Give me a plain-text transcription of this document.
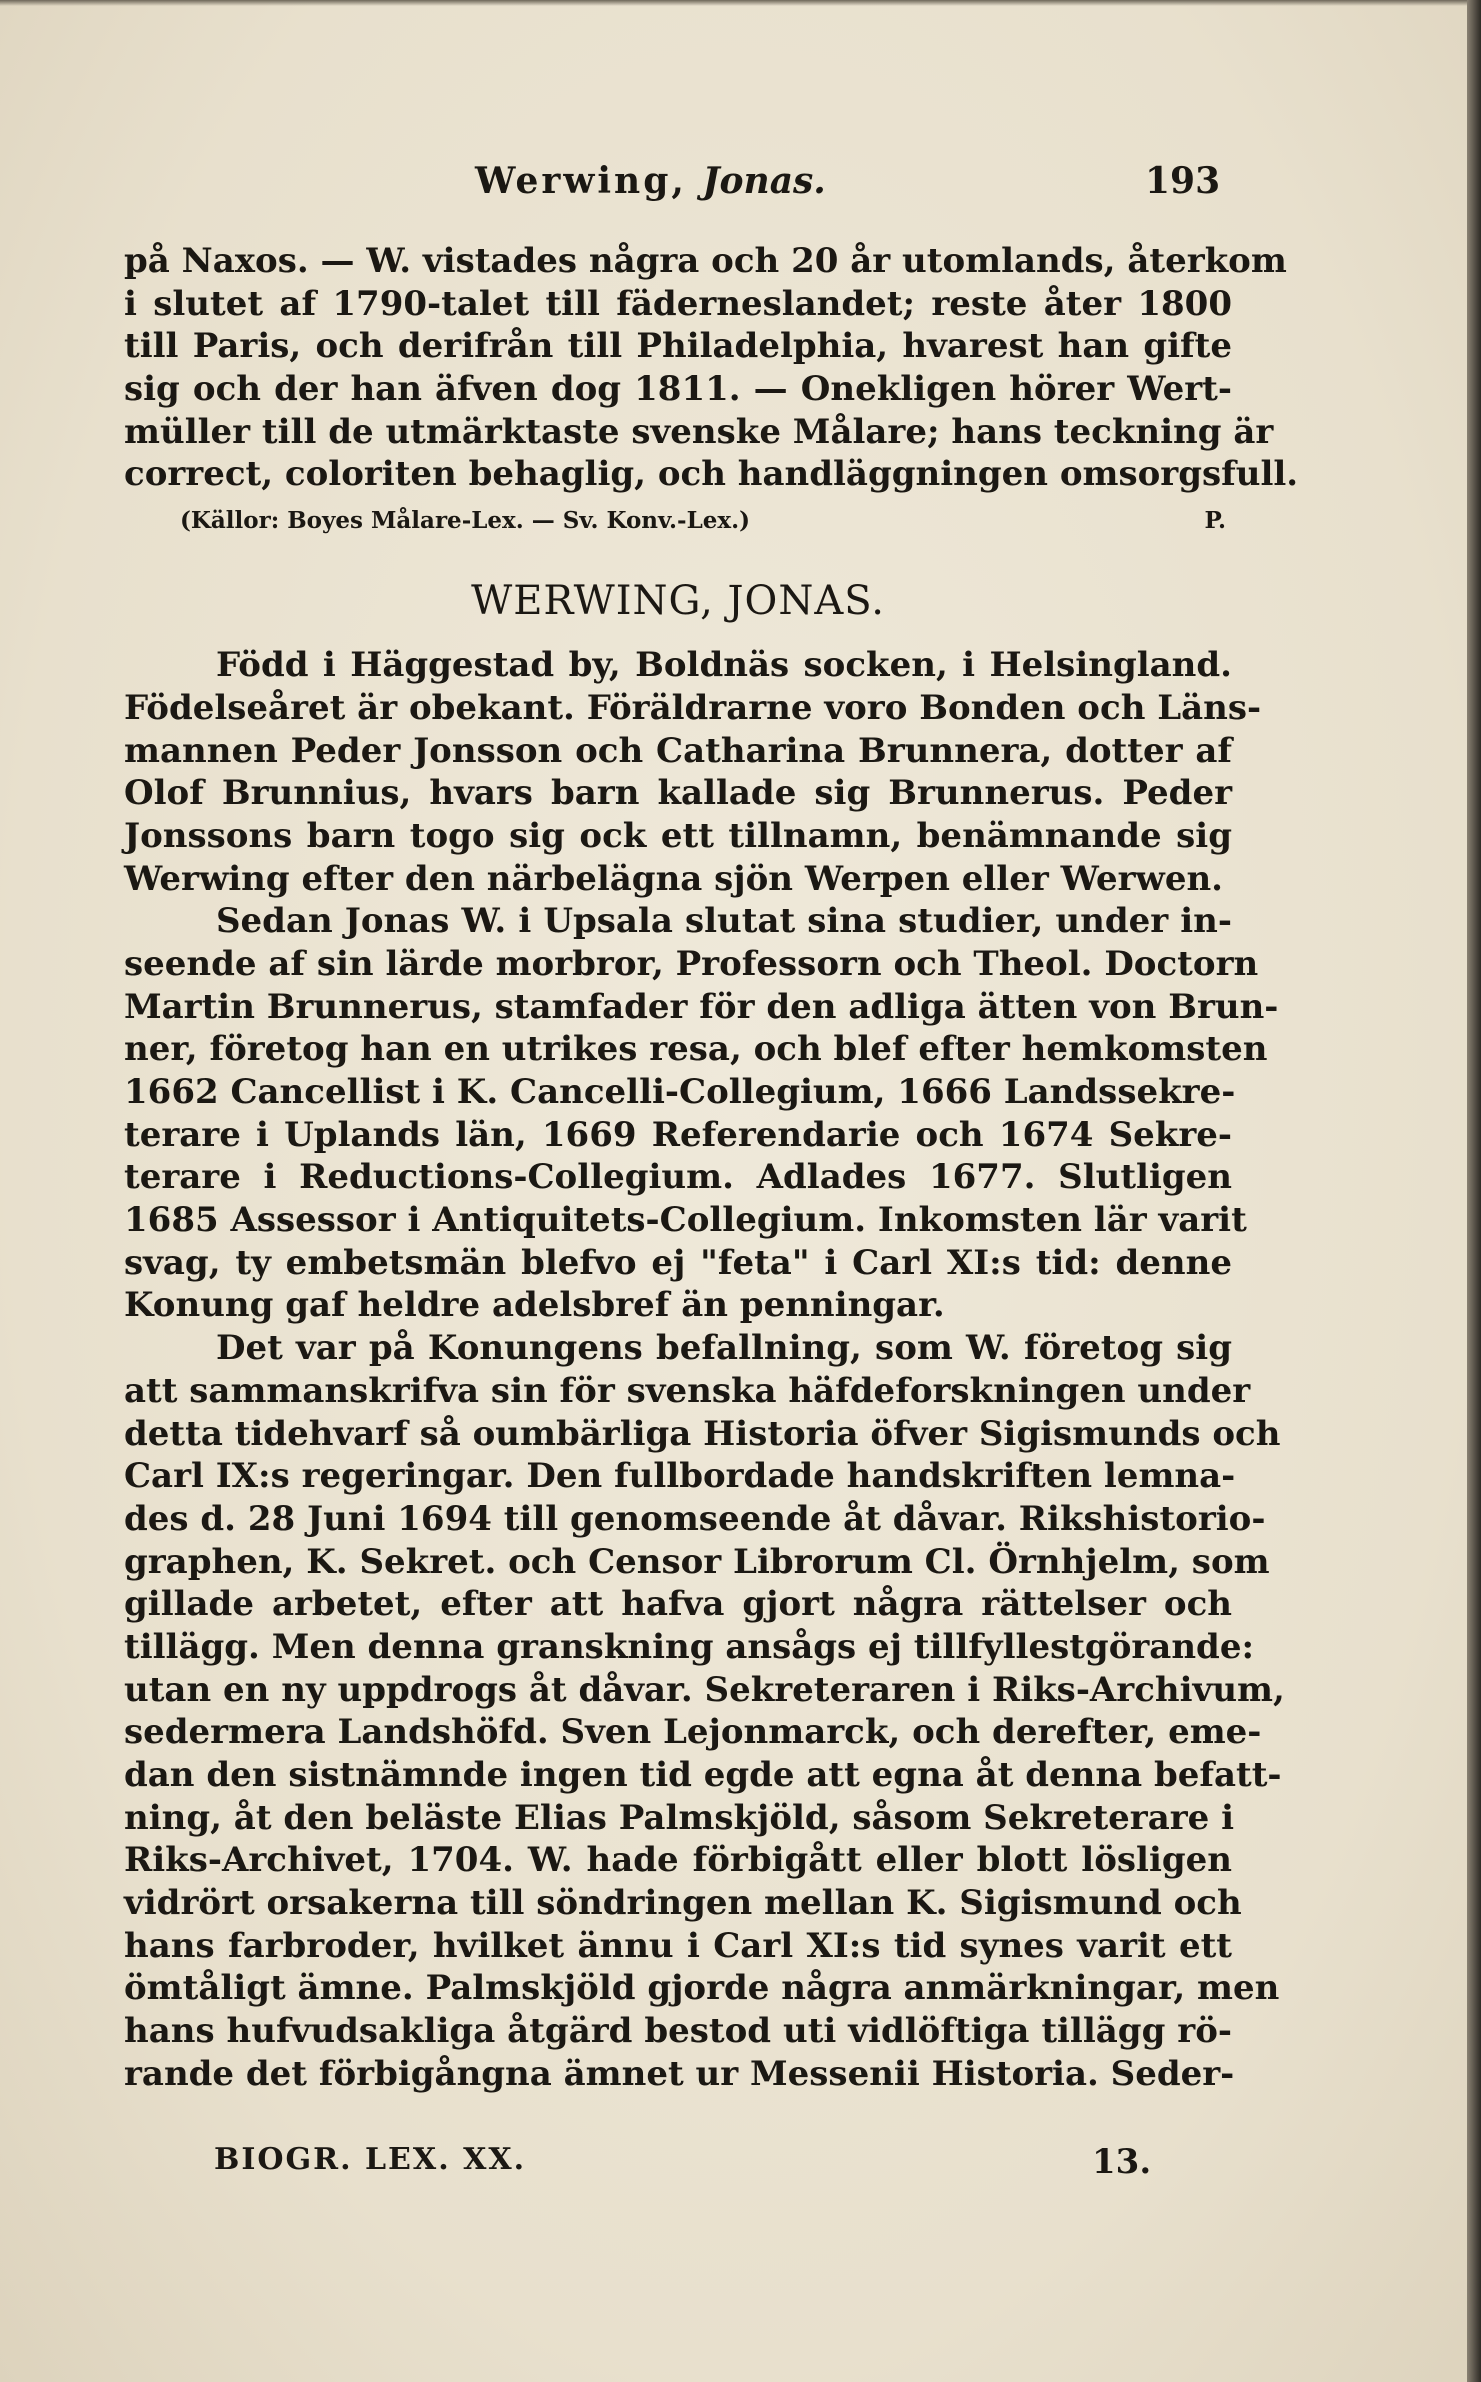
Werwing, Jonas.	193
på Naxos. — W. vistades några och 20 år utomlands, återkom
i slutet af 1790-talet till fäderneslandet; reste åter 1800
till Paris, och derifrån till Philadelphia, hvarest han gifte
sig och der han äfven dog 1811. — Onekligen hörer Wert-
müller till de utmärktaste svenske Målare; hans teckning är
correct, coloriten behaglig, och handläggningen omsorgsfull.
(Källor: Boyes Målare-Lex. — Sv. Konv.-Lex.)	P.
WERWING, JONAS.
Född i Häggestad by, Boldnäs socken, i Helsingland.
Födelseåret är obekant. Föräldrarne voro Bonden och Läns-
mannen Peder Jonsson och Catharina Brunnera, dotter af
Olof Brunnius, hvars barn kallade sig Brunnerus. Peder
Jonssons barn togo sig ock ett tillnamn, benämnande sig
Werwing efter den närbelägna sjön Werpen eller Werwen.
Sedan Jonas W. i Upsala slutat sina studier, under in-
seende af sin lärde morbror, Professorn och Theol. Doctorn
Martin Brunnerus, stamfader för den adliga ätten von Brun-
ner, företog han en utrikes resa, och blef efter hemkomsten
1662 Cancellist i K. Cancelli-Collegium, 1666 Landssekre-
terare i Uplands län, 1669 Referendarie och 1674 Sekre-
terare i Reductions-Collegium. Adlades 1677. Slutligen
1685 Assessor i Antiquitets-Collegium. Inkomsten lär varit
svag, ty embetsmän blefvo ej "feta" i Carl XI:s tid: denne
Konung gaf heldre adelsbref än penningar.
Det var på Konungens befallning, som W. företog sig
att sammanskrifva sin för svenska häfdeforskningen under
detta tidehvarf så oumbärliga Historia öfver Sigismunds och
Carl IX:s regeringar. Den fullbordade handskriften lemna-
des d. 28 Juni 1694 till genomseende åt dåvar. Rikshistorio-
graphen, K. Sekret. och Censor Librorum Cl. Örnhjelm, som
gillade arbetet, efter att hafva gjort några rättelser och
tillägg. Men denna granskning ansågs ej tillfyllestgörande:
utan en ny uppdrogs åt dåvar. Sekreteraren i Riks-Archivum,
sedermera Landshöfd. Sven Lejonmarck, och derefter, eme-
dan den sistnämnde ingen tid egde att egna åt denna befatt-
ning, åt den beläste Elias Palmskjöld, såsom Sekreterare i
Riks-Archivet, 1704. W. hade förbigått eller blott lösligen
vidrört orsakerna till söndringen mellan K. Sigismund och
hans farbroder, hvilket ännu i Carl XI:s tid synes varit ett
ömtåligt ämne. Palmskjöld gjorde några anmärkningar, men
hans hufvudsakliga åtgärd bestod uti vidlöftiga tillägg rö-
rande det förbigångna ämnet ur Messenii Historia. Seder-
BIOGR. LEX. XX.	13.
